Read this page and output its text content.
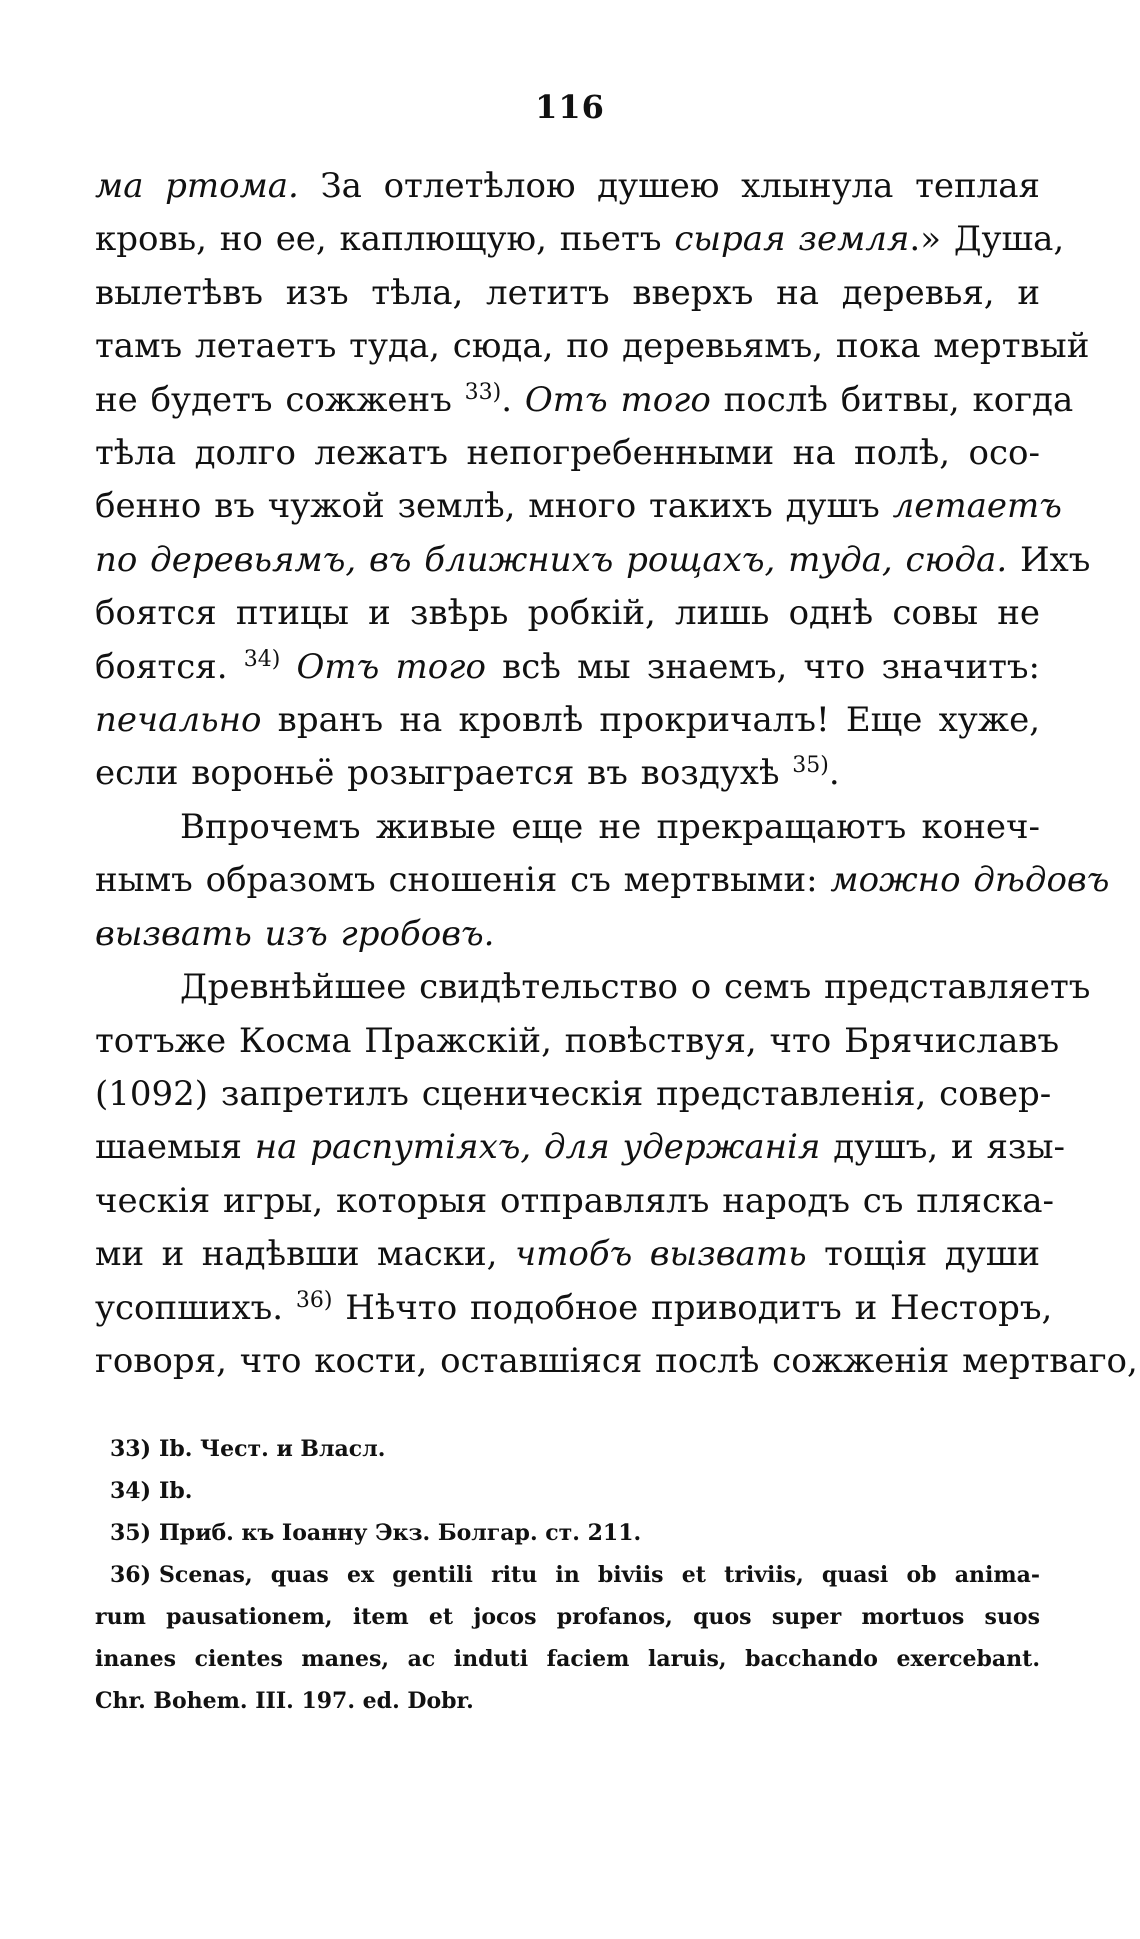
116
ма ртома. За отлетѣлою душею хлынула теплая
кровь, но ее, каплющую, пьетъ сырая земля.» Душа,
вылетѣвъ изъ тѣла, летитъ вверхъ на деревья, и
тамъ летаетъ туда, сюда, по деревьямъ, пока мертвый
не будетъ сожженъ $^{33)}$. Отъ того послѣ битвы, когда
тѣла долго лежатъ непогребенными на полѣ, осо-
бенно въ чужой землѣ, много такихъ душъ летаетъ
по деревьямъ, въ ближнихъ рощахъ, туда, сюда. Ихъ
боятся птицы и звѣрь робкій, лишь однѣ совы не
боятся. $^{34)}$ Отъ того всѣ мы знаемъ, что значитъ:
печально вранъ на кровлѣ прокричалъ! Еще хуже,
если вороньё розыграется въ воздухѣ $^{35)}$.
Впрочемъ живые еще не прекращаютъ конеч-
нымъ образомъ сношенія съ мертвыми: можно дѣдовъ
вызвать изъ гробовъ.
Древнѣйшее свидѣтельство о семъ представляетъ
тотъже Косма Пражскій, повѣствуя, что Брячиславъ
(1092) запретилъ сценическія представленія, совер-
шаемыя на распутіяхъ, для удержанія душъ, и язы-
ческія игры, которыя отправлялъ народъ съ пляска-
ми и надѣвши маски, чтобъ вызвать тощія души
усопшихъ. $^{36)}$ Нѣчто подобное приводитъ и Несторъ,
говоря, что кости, оставшіяся послѣ сожженія мертваго,
33) Ib. Чест. и Власл.
34) Ib.
35) Приб. къ Іоанну Экз. Болгар. ст. 211.
36) Scenas, quas ex gentili ritu in biviis et triviis, quasi ob anima-
rum pausationem, item et jocos profanos, quos super mortuos suos
inanes cientes manes, ac induti faciem laruis, bacchando exercebant.
Chr. Bohem. III. 197. ed. Dobr.
